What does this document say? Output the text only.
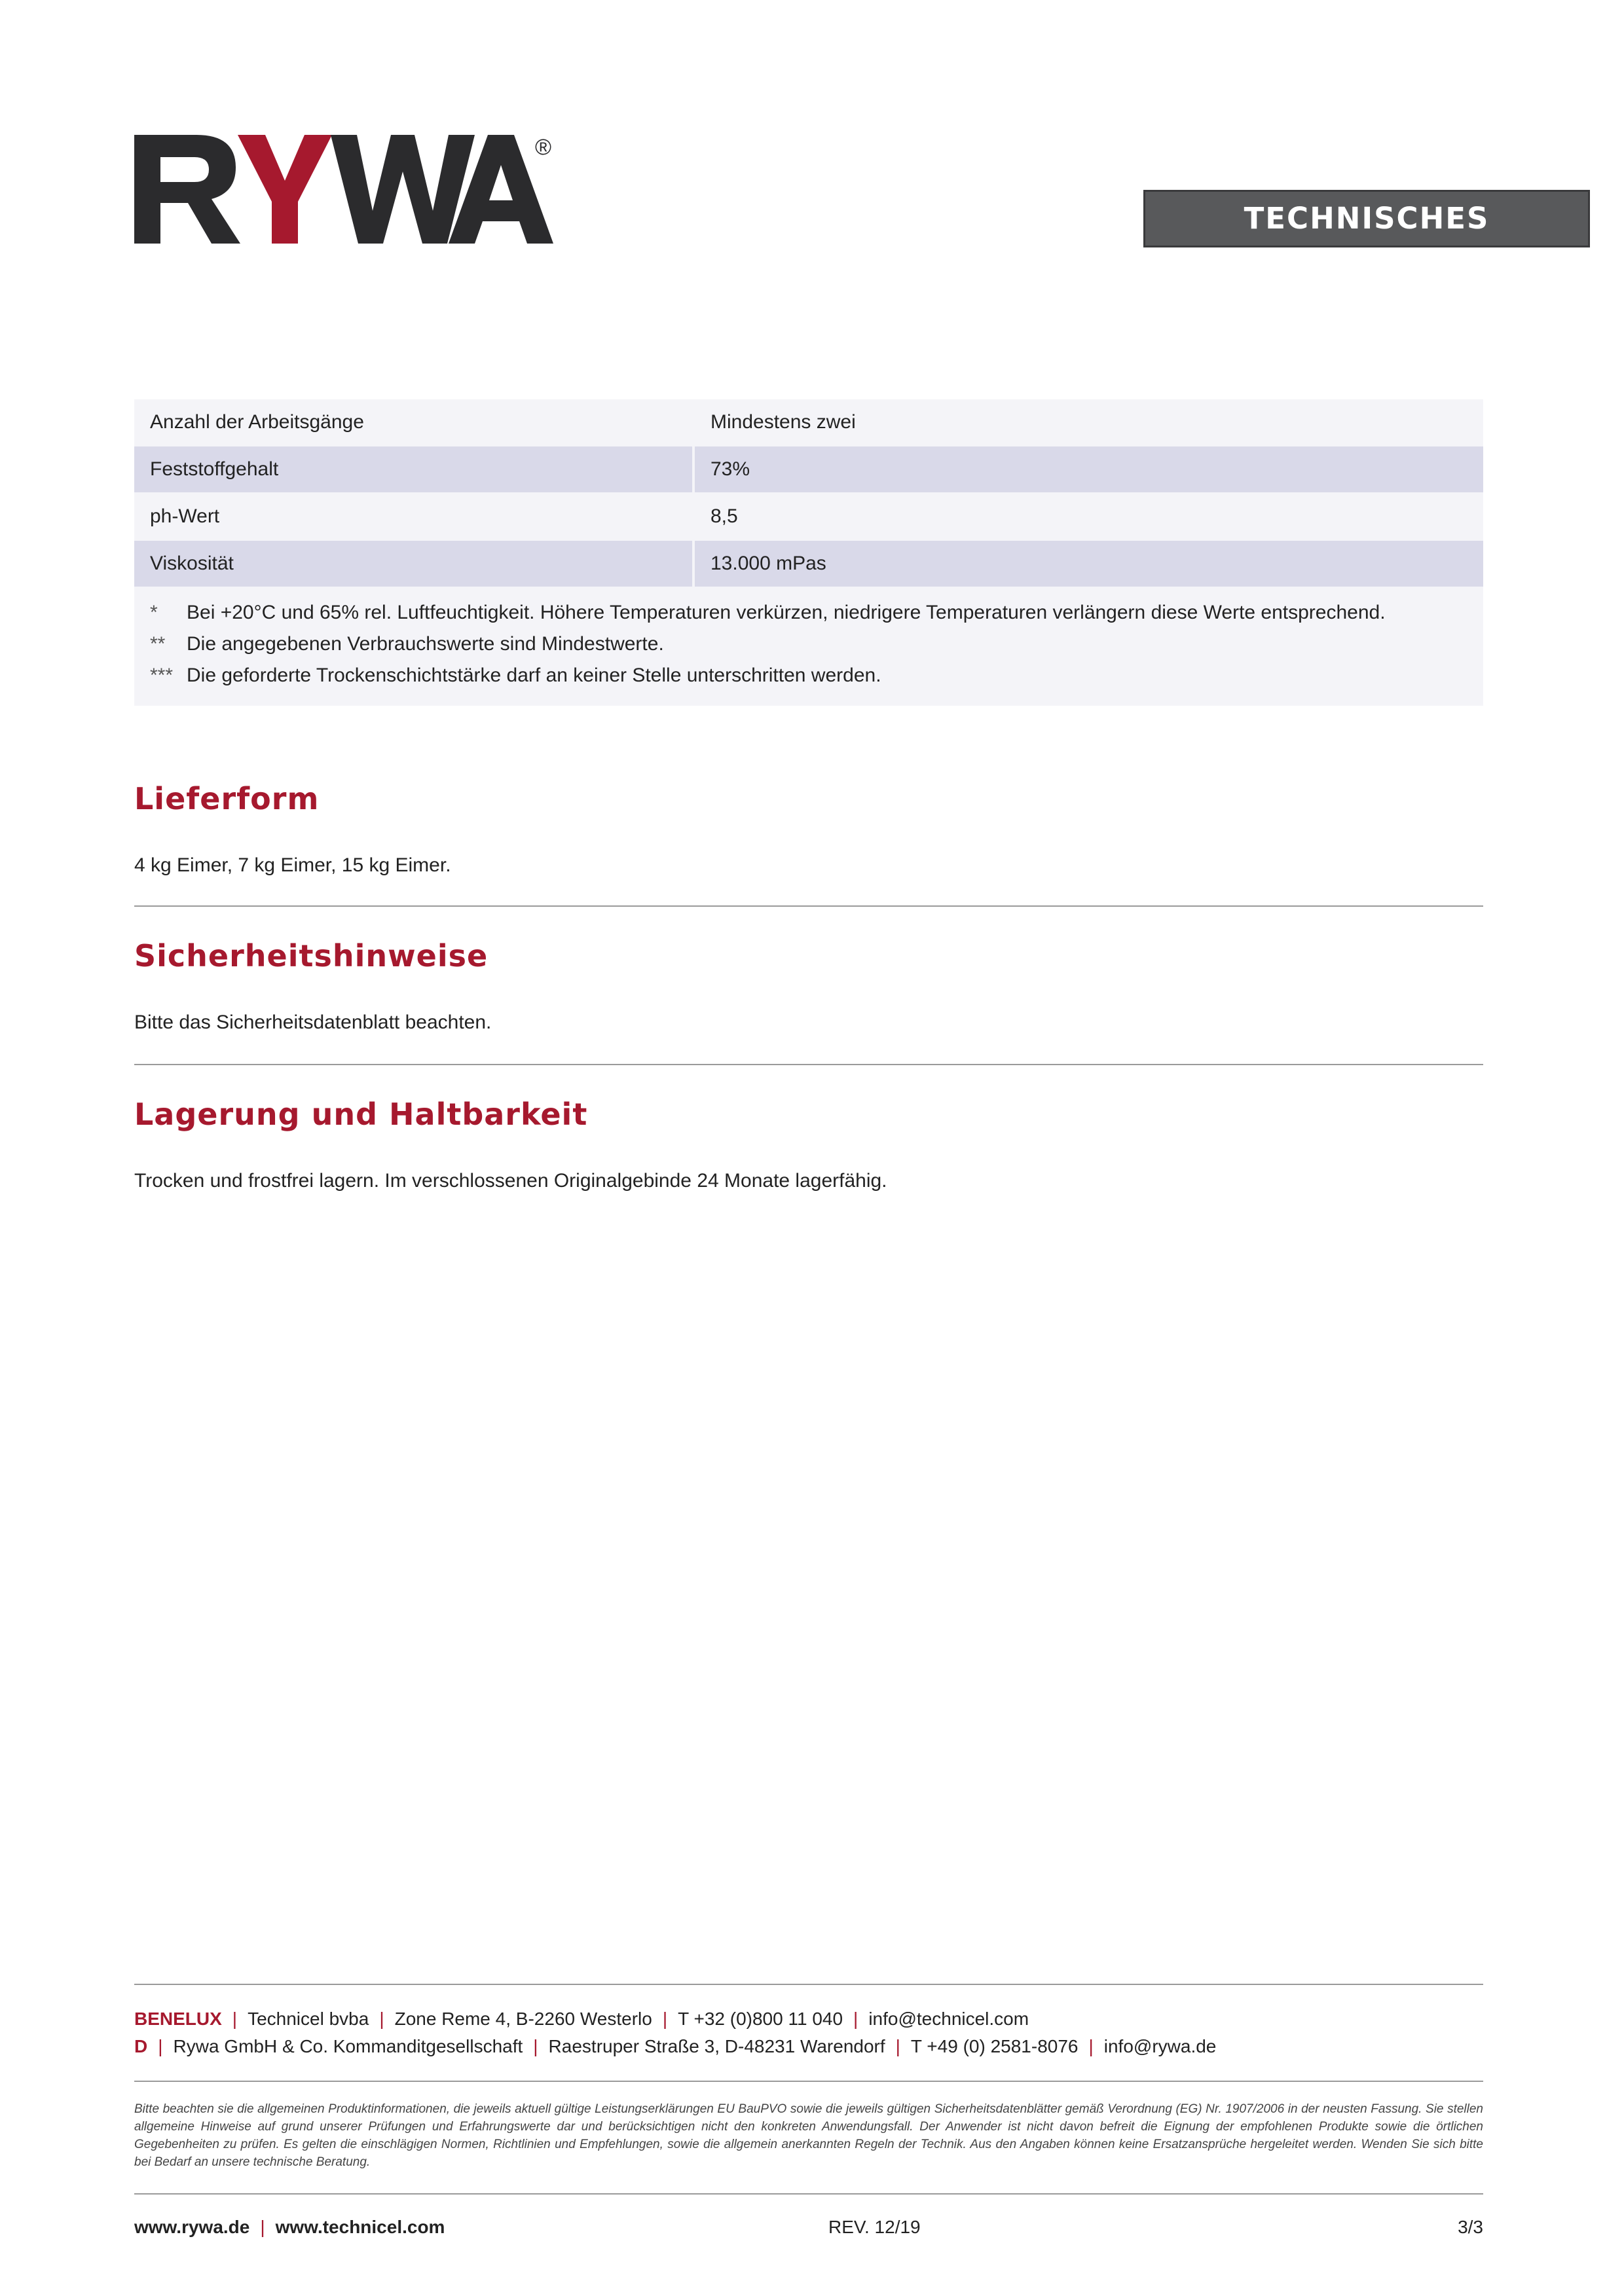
®
TECHNISCHES MERKBLATT
Anzahl der Arbeitsgänge	Mindestens zwei
Feststoffgehalt	73%
ph-Wert	8,5
Viskosität	13.000 mPas
*	Bei +20°C und 65% rel. Luftfeuchtigkeit. Höhere Temperaturen verkürzen, niedrigere Temperaturen verlängern diese Werte entsprechend.
**	Die angegebenen Verbrauchswerte sind Mindestwerte.
*** Die geforderte Trockenschichtstärke darf an keiner Stelle unterschritten werden.
Lieferform

4 kg Eimer, 7 kg Eimer, 15 kg Eimer.

Sicherheitshinweise

Bitte das Sicherheitsdatenblatt beachten.

Lagerung und Haltbarkeit

Trocken und frostfrei lagern. Im verschlossenen Originalgebinde 24 Monate lagerfähig.

BENELUX | Technicel bvba | Zone Reme 4, B-2260 Westerlo | T +32 (0)800 11 040 | info@technicel.com
D | Rywa GmbH & Co. Kommanditgesellschaft | Raestruper Straße 3, D-48231 Warendorf | T +49 (0) 2581-8076 | info@rywa.de
Bitte beachten sie die allgemeinen Produktinformationen, die jeweils aktuell gültige Leistungserklärungen EU BauPVO sowie die jeweils gültigen Sicherheitsdatenblätter gemäß Verordnung (EG) Nr. 1907/2006 in der neusten Fassung. Sie stellen allgemeine Hinweise auf grund unserer Prüfungen und Erfahrungswerte dar und berücksichtigen nicht den konkreten Anwendungsfall. Der Anwender ist nicht davon befreit die Eignung der empfohlenen Produkte sowie die örtlichen Gegebenheiten zu prüfen. Es gelten die einschlägigen Normen, Richtlinien und Empfehlungen, sowie die allgemein anerkannten Regeln der Technik. Aus den Angaben können keine Ersatzansprüche hergeleitet werden. Wenden Sie sich bitte bei Bedarf an unsere technische Beratung.
www.rywa.de | www.technicel.com	REV. 12/19	3/3
